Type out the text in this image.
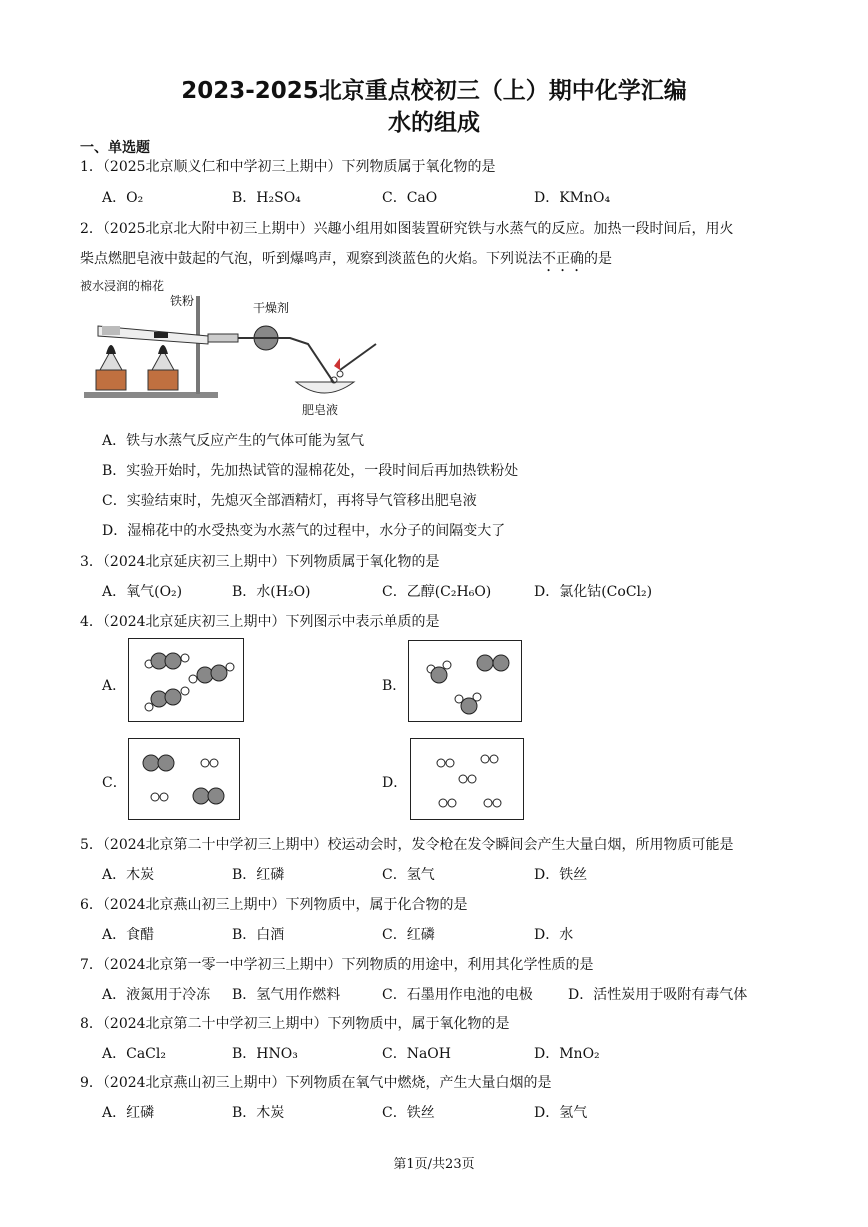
2023-2025北京重点校初三（上）期中化学汇编
水的组成
一、单选题
1．（2025北京顺义仁和中学初三上期中）下列物质属于氧化物的是
A．O₂	B．H₂SO₄	C．CaO	D．KMnO₄
2．（2025北京北大附中初三上期中）兴趣小组用如图装置研究铁与水蒸气的反应。加热一段时间后，用火
柴点燃肥皂液中鼓起的气泡，听到爆鸣声，观察到淡蓝色的火焰。下列说法不正确的是
被水浸润的棉花
铁粉	干燥剂
肥皂液
A．铁与水蒸气反应产生的气体可能为氢气
B．实验开始时，先加热试管的湿棉花处，一段时间后再加热铁粉处
C．实验结束时，先熄灭全部酒精灯，再将导气管移出肥皂液
D．湿棉花中的水受热变为水蒸气的过程中，水分子的间隔变大了
3．（2024北京延庆初三上期中）下列物质属于氧化物的是
A．氧气(O₂)	B．水(H₂O)	C．乙醇(C₂H₆O)	D．氯化钴(CoCl₂)
4．（2024北京延庆初三上期中）下列图示中表示单质的是
A．	B．
C．	D．
5．（2024北京第二十中学初三上期中）校运动会时，发令枪在发令瞬间会产生大量白烟，所用物质可能是
A．木炭	B．红磷	C．氢气	D．铁丝
6．（2024北京燕山初三上期中）下列物质中，属于化合物的是
A．食醋	B．白酒	C．红磷	D．水
7．（2024北京第一零一中学初三上期中）下列物质的用途中，利用其化学性质的是
A．液氮用于冷冻 B．氢气用作燃料	C．石墨用作电池的电极	D．活性炭用于吸附有毒气体
8．（2024北京第二十中学初三上期中）下列物质中，属于氧化物的是
A．CaCl₂	B．HNO₃	C．NaOH	D．MnO₂
9．（2024北京燕山初三上期中）下列物质在氧气中燃烧，产生大量白烟的是
A．红磷	B．木炭	C．铁丝	D．氢气
第1页/共23页
